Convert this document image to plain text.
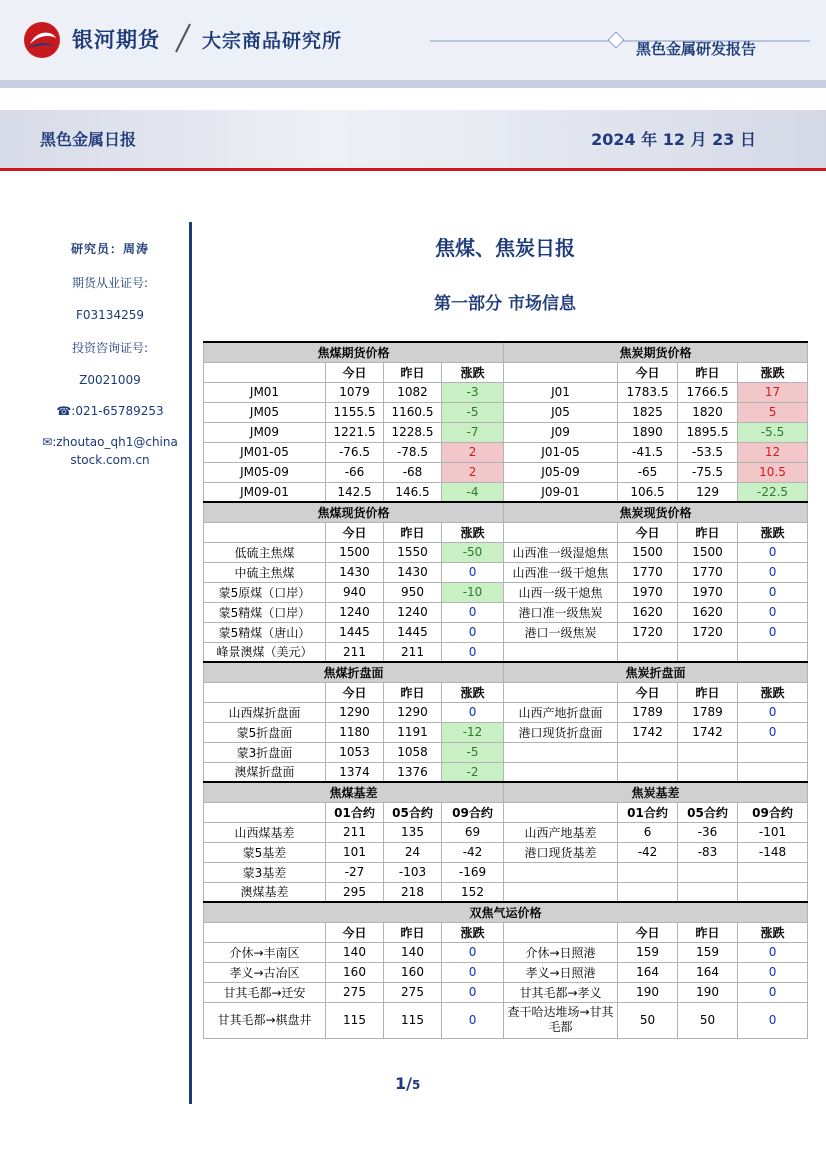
银河期货 大宗商品研究所	黑色金属研发报告
黑色金属日报	2024 年 12 月 23 日
研究员：周涛
期货从业证号:
F03134259
投资咨询证号:
Z0021009
☎:021-65789253
✉:zhoutao_qh1@china
stock.com.cn
焦煤、焦炭日报
第一部分 市场信息
焦煤期货价格				焦炭期货价格			
	今日	昨日	涨跌		今日	昨日	涨跌
JM01	1079	1082	-3	J01	1783.5	1766.5	17
JM05	1155.5	1160.5	-5	J05	1825	1820	5
JM09	1221.5	1228.5	-7	J09	1890	1895.5	-5.5
JM01-05	-76.5	-78.5	2	J01-05	-41.5	-53.5	12
JM05-09	-66	-68	2	J05-09	-65	-75.5	10.5
JM09-01	142.5	146.5	-4	J09-01	106.5	129	-22.5
焦煤现货价格				焦炭现货价格			
	今日	昨日	涨跌		今日	昨日	涨跌
低硫主焦煤	1500	1550	-50	山西准一级湿熄焦	1500	1500	0
中硫主焦煤	1430	1430	0	山西准一级干熄焦	1770	1770	0
蒙5原煤（口岸）	940	950	-10	山西一级干熄焦	1970	1970	0
蒙5精煤（口岸）	1240	1240	0	港口准一级焦炭	1620	1620	0
蒙5精煤（唐山）	1445	1445	0	港口一级焦炭	1720	1720	0
峰景澳煤（美元）	211	211	0				
焦煤折盘面				焦炭折盘面			
	今日	昨日	涨跌		今日	昨日	涨跌
山西煤折盘面	1290	1290	0	山西产地折盘面	1789	1789	0
蒙5折盘面	1180	1191	-12	港口现货折盘面	1742	1742	0
蒙3折盘面	1053	1058	-5				
澳煤折盘面	1374	1376	-2				
焦煤基差				焦炭基差			
	01合约	05合约	09合约		01合约	05合约	09合约
山西煤基差	211	135	69	山西产地基差	6	-36	-101
蒙5基差	101	24	-42	港口现货基差	-42	-83	-148
蒙3基差	-27	-103	-169				
澳煤基差	295	218	152				
双焦气运价格							
	今日	昨日	涨跌		今日	昨日	涨跌
介休→丰南区	140	140	0	介休→日照港	159	159	0
孝义→古冶区	160	160	0	孝义→日照港	164	164	0
甘其毛都→迁安	275	275	0	甘其毛都→孝义	190	190	0
甘其毛都→棋盘井	115	115	0	查干哈达堆场→甘其毛都	50	50	0
1/5
